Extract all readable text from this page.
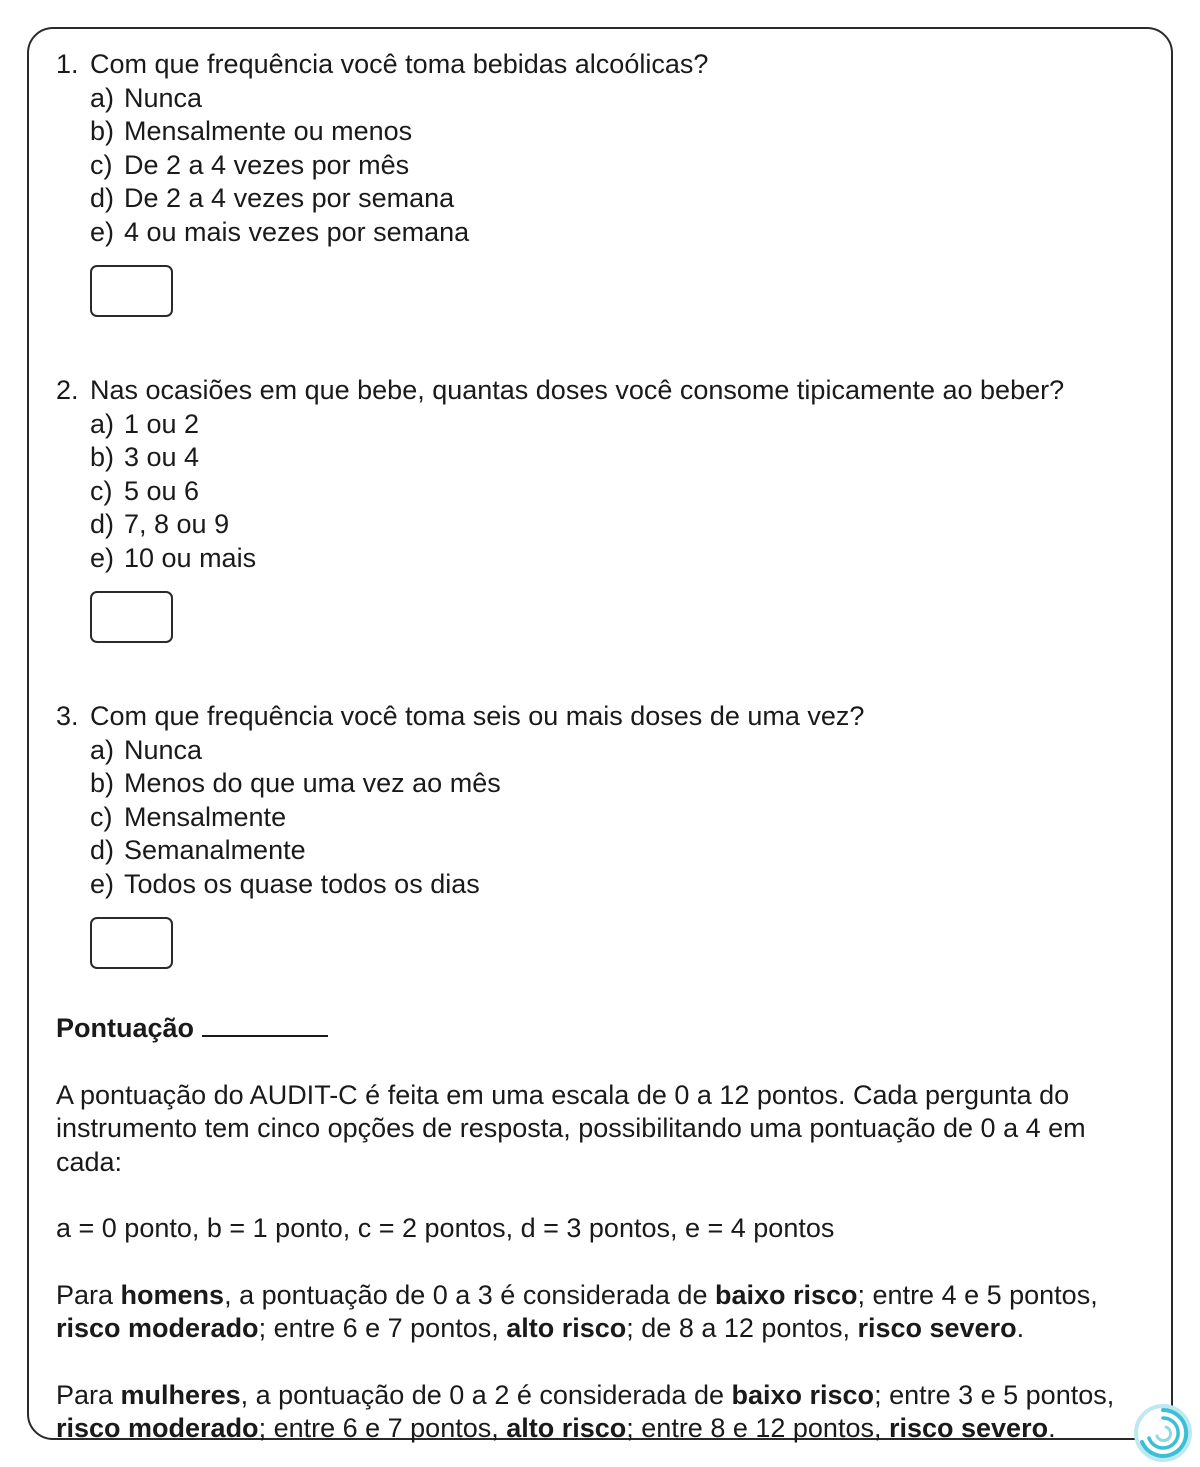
1. Com que frequência você toma bebidas alcoólicas?
a) Nunca
b) Mensalmente ou menos
c) De 2 a 4 vezes por mês
d) De 2 a 4 vezes por semana
e) 4 ou mais vezes por semana
2. Nas ocasiões em que bebe, quantas doses você consome tipicamente ao beber?
a) 1 ou 2
b) 3 ou 4
c) 5 ou 6
d) 7, 8 ou 9
e) 10 ou mais
3. Com que frequência você toma seis ou mais doses de uma vez?
a) Nunca
b) Menos do que uma vez ao mês
c) Mensalmente
d) Semanalmente
e) Todos os quase todos os dias
Pontuação

A pontuação do AUDIT-C é feita em uma escala de 0 a 12 pontos. Cada pergunta do instrumento tem cinco opções de resposta, possibilitando uma pontuação de 0 a 4 em cada:

a = 0 ponto, b = 1 ponto, c = 2 pontos, d = 3 pontos, e = 4 pontos

Para homens, a pontuação de 0 a 3 é considerada de baixo risco; entre 4 e 5 pontos, risco moderado; entre 6 e 7 pontos, alto risco; de 8 a 12 pontos, risco severo.

Para mulheres, a pontuação de 0 a 2 é considerada de baixo risco; entre 3 e 5 pontos, risco moderado; entre 6 e 7 pontos, alto risco; entre 8 e 12 pontos, risco severo.
